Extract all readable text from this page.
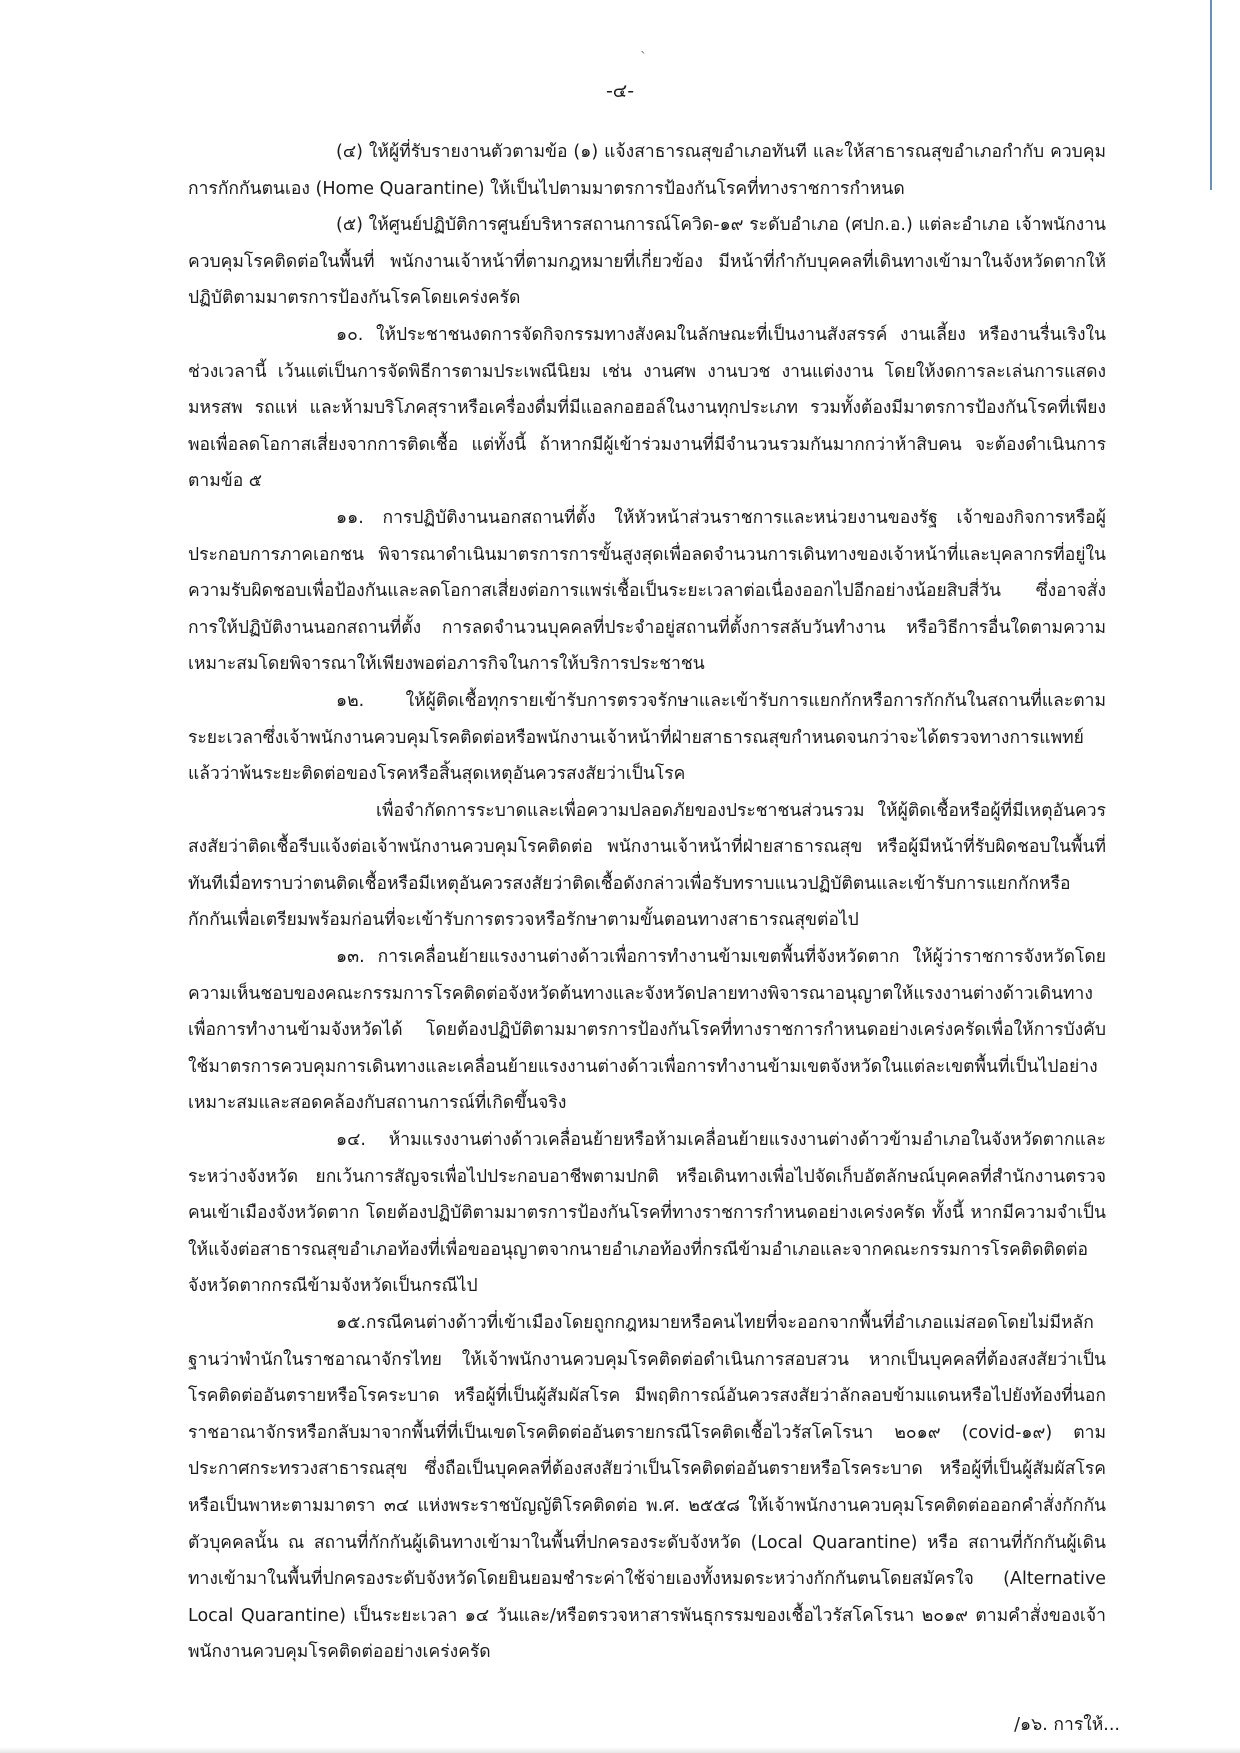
ˎ
-๔-

(๔) ให้ผู้ที่รับรายงานตัวตามข้อ (๑) แจ้งสาธารณสุขอำเภอทันที และให้สาธารณสุขอำเภอกำกับ ควบคุม การกักกันตนเอง (Home Quarantine) ให้เป็นไปตามมาตรการป้องกันโรคที่ทางราชการกำหนด

(๕) ให้ศูนย์ปฏิบัติการศูนย์บริหารสถานการณ์โควิด-๑๙ ระดับอำเภอ (ศปก.อ.) แต่ละอำเภอ เจ้าพนักงานควบคุมโรคติดต่อในพื้นที่ พนักงานเจ้าหน้าที่ตามกฎหมายที่เกี่ยวข้อง มีหน้าที่กำกับบุคคลที่เดินทางเข้ามาในจังหวัดตากให้ปฏิบัติตามมาตรการป้องกันโรคโดยเคร่งครัด

๑๐. ให้ประชาชนงดการจัดกิจกรรมทางสังคมในลักษณะที่เป็นงานสังสรรค์ งานเลี้ยง หรืองานรื่นเริงในช่วงเวลานี้ เว้นแต่เป็นการจัดพิธีการตามประเพณีนิยม เช่น งานศพ งานบวช งานแต่งงาน โดยให้งดการละเล่นการแสดงมหรสพ รถแห่ และห้ามบริโภคสุราหรือเครื่องดื่มที่มีแอลกอฮอล์ในงานทุกประเภท รวมทั้งต้องมีมาตรการป้องกันโรคที่เพียงพอเพื่อลดโอกาสเสี่ยงจากการติดเชื้อ แต่ทั้งนี้ ถ้าหากมีผู้เข้าร่วมงานที่มีจำนวนรวมกันมากกว่าห้าสิบคน จะต้องดำเนินการตามข้อ ๕

๑๑. การปฏิบัติงานนอกสถานที่ตั้ง ให้หัวหน้าส่วนราชการและหน่วยงานของรัฐ เจ้าของกิจการหรือผู้ประกอบการภาคเอกชน พิจารณาดำเนินมาตรการการขั้นสูงสุดเพื่อลดจำนวนการเดินทางของเจ้าหน้าที่และบุคลากรที่อยู่ในความรับผิดชอบเพื่อป้องกันและลดโอกาสเสี่ยงต่อการแพร่เชื้อเป็นระยะเวลาต่อเนื่องออกไปอีกอย่างน้อยสิบสี่วัน ซึ่งอาจสั่งการให้ปฏิบัติงานนอกสถานที่ตั้ง การลดจำนวนบุคคลที่ประจำอยู่สถานที่ตั้งการสลับวันทำงาน หรือวิธีการอื่นใดตามความเหมาะสมโดยพิจารณาให้เพียงพอต่อภารกิจในการให้บริการประชาชน

๑๒. ให้ผู้ติดเชื้อทุกรายเข้ารับการตรวจรักษาและเข้ารับการแยกกักหรือการกักกันในสถานที่และตามระยะเวลาซึ่งเจ้าพนักงานควบคุมโรคติดต่อหรือพนักงานเจ้าหน้าที่ฝ่ายสาธารณสุขกำหนดจนกว่าจะได้ตรวจทางการแพทย์แล้วว่าพ้นระยะติดต่อของโรคหรือสิ้นสุดเหตุอันควรสงสัยว่าเป็นโรค

เพื่อจำกัดการระบาดและเพื่อความปลอดภัยของประชาชนส่วนรวม ให้ผู้ติดเชื้อหรือผู้ที่มีเหตุอันควรสงสัยว่าติดเชื้อรีบแจ้งต่อเจ้าพนักงานควบคุมโรคติดต่อ พนักงานเจ้าหน้าที่ฝ่ายสาธารณสุข หรือผู้มีหน้าที่รับผิดชอบในพื้นที่ทันทีเมื่อทราบว่าตนติดเชื้อหรือมีเหตุอันควรสงสัยว่าติดเชื้อดังกล่าวเพื่อรับทราบแนวปฏิบัติตนและเข้ารับการแยกกักหรือกักกันเพื่อเตรียมพร้อมก่อนที่จะเข้ารับการตรวจหรือรักษาตามขั้นตอนทางสาธารณสุขต่อไป

๑๓. การเคลื่อนย้ายแรงงานต่างด้าวเพื่อการทำงานข้ามเขตพื้นที่จังหวัดตาก ให้ผู้ว่าราชการจังหวัดโดยความเห็นชอบของคณะกรรมการโรคติดต่อจังหวัดต้นทางและจังหวัดปลายทางพิจารณาอนุญาตให้แรงงานต่างด้าวเดินทางเพื่อการทำงานข้ามจังหวัดได้ โดยต้องปฏิบัติตามมาตรการป้องกันโรคที่ทางราชการกำหนดอย่างเคร่งครัดเพื่อให้การบังคับใช้มาตรการควบคุมการเดินทางและเคลื่อนย้ายแรงงานต่างด้าวเพื่อการทำงานข้ามเขตจังหวัดในแต่ละเขตพื้นที่เป็นไปอย่างเหมาะสมและสอดคล้องกับสถานการณ์ที่เกิดขึ้นจริง

๑๔. ห้ามแรงงานต่างด้าวเคลื่อนย้ายหรือห้ามเคลื่อนย้ายแรงงานต่างด้าวข้ามอำเภอในจังหวัดตากและระหว่างจังหวัด ยกเว้นการสัญจรเพื่อไปประกอบอาชีพตามปกติ หรือเดินทางเพื่อไปจัดเก็บอัตลักษณ์บุคคลที่สำนักงานตรวจคนเข้าเมืองจังหวัดตาก โดยต้องปฏิบัติตามมาตรการป้องกันโรคที่ทางราชการกำหนดอย่างเคร่งครัด ทั้งนี้ หากมีความจำเป็นให้แจ้งต่อสาธารณสุขอำเภอท้องที่เพื่อขออนุญาตจากนายอำเภอท้องที่กรณีข้ามอำเภอและจากคณะกรรมการโรคติดติดต่อจังหวัดตากกรณีข้ามจังหวัดเป็นกรณีไป

๑๕.กรณีคนต่างด้าวที่เข้าเมืองโดยถูกกฎหมายหรือคนไทยที่จะออกจากพื้นที่อำเภอแม่สอดโดยไม่มีหลักฐานว่าพำนักในราชอาณาจักรไทย ให้เจ้าพนักงานควบคุมโรคติดต่อดำเนินการสอบสวน หากเป็นบุคคลที่ต้องสงสัยว่าเป็นโรคติดต่ออันตรายหรือโรคระบาด หรือผู้ที่เป็นผู้สัมผัสโรค มีพฤติการณ์อันควรสงสัยว่าลักลอบข้ามแดนหรือไปยังท้องที่นอกราชอาณาจักรหรือกลับมาจากพื้นที่ที่เป็นเขตโรคติดต่ออันตรายกรณีโรคติดเชื้อไวรัสโคโรนา ๒๐๑๙ (covid-๑๙) ตามประกาศกระทรวงสาธารณสุข ซึ่งถือเป็นบุคคลที่ต้องสงสัยว่าเป็นโรคติดต่ออันตรายหรือโรคระบาด หรือผู้ที่เป็นผู้สัมผัสโรคหรือเป็นพาหะตามมาตรา ๓๔ แห่งพระราชบัญญัติโรคติดต่อ พ.ศ. ๒๕๕๘ ให้เจ้าพนักงานควบคุมโรคติดต่อออกคำสั่งกักกันตัวบุคคลนั้น ณ สถานที่กักกันผู้เดินทางเข้ามาในพื้นที่ปกครองระดับจังหวัด (Local Quarantine) หรือ สถานที่กักกันผู้เดินทางเข้ามาในพื้นที่ปกครองระดับจังหวัดโดยยินยอมชำระค่าใช้จ่ายเองทั้งหมดระหว่างกักกันตนโดยสมัครใจ (Alternative Local Quarantine) เป็นระยะเวลา ๑๔ วันและ/หรือตรวจหาสารพันธุกรรมของเชื้อไวรัสโคโรนา ๒๐๑๙ ตามคำสั่งของเจ้าพนักงานควบคุมโรคติดต่ออย่างเคร่งครัด

/๑๖. การให้...
